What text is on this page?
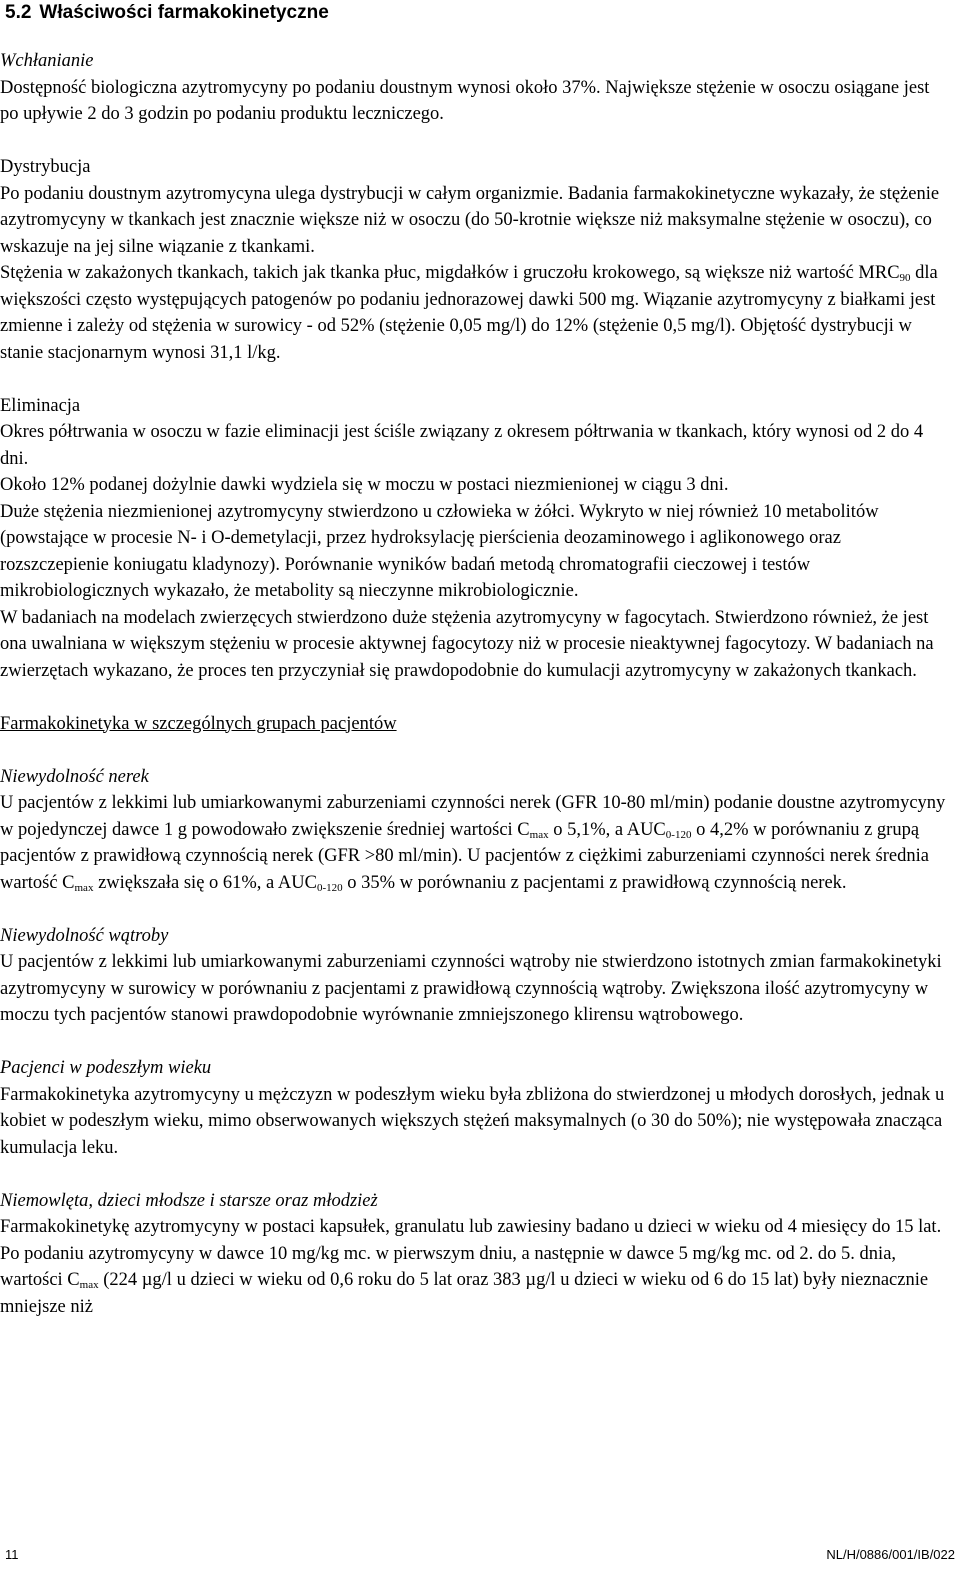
5.2 Właściwości farmakokinetyczne
Wchłanianie
Dostępność biologiczna azytromycyny po podaniu doustnym wynosi około 37%. Największe stężenie w osoczu osiągane jest po upływie 2 do 3 godzin po podaniu produktu leczniczego.
Dystrybucja
Po podaniu doustnym azytromycyna ulega dystrybucji w całym organizmie. Badania farmakokinetyczne wykazały, że stężenie azytromycyny w tkankach jest znacznie większe niż w osoczu (do 50-krotnie większe niż maksymalne stężenie w osoczu), co wskazuje na jej silne wiązanie z tkankami.
Stężenia w zakażonych tkankach, takich jak tkanka płuc, migdałków i gruczołu krokowego, są większe niż wartość $MRC_{90}$ dla większości często występujących patogenów po podaniu jednorazowej dawki 500 mg. Wiązanie azytromycyny z białkami jest zmienne i zależy od stężenia w surowicy - od 52% (stężenie 0,05 mg/l) do 12% (stężenie 0,5 mg/l). Objętość dystrybucji w stanie stacjonarnym wynosi 31,1 l/kg.
Eliminacja
Okres półtrwania w osoczu w fazie eliminacji jest ściśle związany z okresem półtrwania w tkankach, który wynosi od 2 do 4 dni.
Około 12% podanej dożylnie dawki wydziela się w moczu w postaci niezmienionej w ciągu 3 dni.
Duże stężenia niezmienionej azytromycyny stwierdzono u człowieka w żółci. Wykryto w niej również 10 metabolitów (powstające w procesie N- i O-demetylacji, przez hydroksylację pierścienia deozaminowego i aglikonowego oraz rozszczepienie koniugatu kladynozy). Porównanie wyników badań metodą chromatografii cieczowej i testów mikrobiologicznych wykazało, że metabolity są nieczynne mikrobiologicznie.
W badaniach na modelach zwierzęcych stwierdzono duże stężenia azytromycyny w fagocytach. Stwierdzono również, że jest ona uwalniana w większym stężeniu w procesie aktywnej fagocytozy niż w procesie nieaktywnej fagocytozy. W badaniach na zwierzętach wykazano, że proces ten przyczyniał się prawdopodobnie do kumulacji azytromycyny w zakażonych tkankach.
Farmakokinetyka w szczególnych grupach pacjentów
Niewydolność nerek
U pacjentów z lekkimi lub umiarkowanymi zaburzeniami czynności nerek (GFR 10-80 ml/min) podanie doustne azytromycyny w pojedynczej dawce 1 g powodowało zwiększenie średniej wartości $C_{max}$ o 5,1%, a $AUC_{0-120}$ o 4,2% w porównaniu z grupą pacjentów z prawidłową czynnością nerek (GFR >80 ml/min). U pacjentów z ciężkimi zaburzeniami czynności nerek średnia wartość $C_{max}$ zwiększała się o 61%, a $AUC_{0-120}$ o 35% w porównaniu z pacjentami z prawidłową czynnością nerek.
Niewydolność wątroby
U pacjentów z lekkimi lub umiarkowanymi zaburzeniami czynności wątroby nie stwierdzono istotnych zmian farmakokinetyki azytromycyny w surowicy w porównaniu z pacjentami z prawidłową czynnością wątroby. Zwiększona ilość azytromycyny w moczu tych pacjentów stanowi prawdopodobnie wyrównanie zmniejszonego klirensu wątrobowego.
Pacjenci w podeszłym wieku
Farmakokinetyka azytromycyny u mężczyzn w podeszłym wieku była zbliżona do stwierdzonej u młodych dorosłych, jednak u kobiet w podeszłym wieku, mimo obserwowanych większych stężeń maksymalnych (o 30 do 50%); nie występowała znacząca kumulacja leku.
Niemowlęta, dzieci młodsze i starsze oraz młodzież
Farmakokinetykę azytromycyny w postaci kapsułek, granulatu lub zawiesiny badano u dzieci w wieku od 4 miesięcy do 15 lat. Po podaniu azytromycyny w dawce 10 mg/kg mc. w pierwszym dniu, a następnie w dawce 5 mg/kg mc. od 2. do 5. dnia, wartości $C_{max}$ (224 µg/l u dzieci w wieku od 0,6 roku do 5 lat oraz 383 µg/l u dzieci w wieku od 6 do 15 lat) były nieznacznie mniejsze niż
11	NL/H/0886/001/IB/022
